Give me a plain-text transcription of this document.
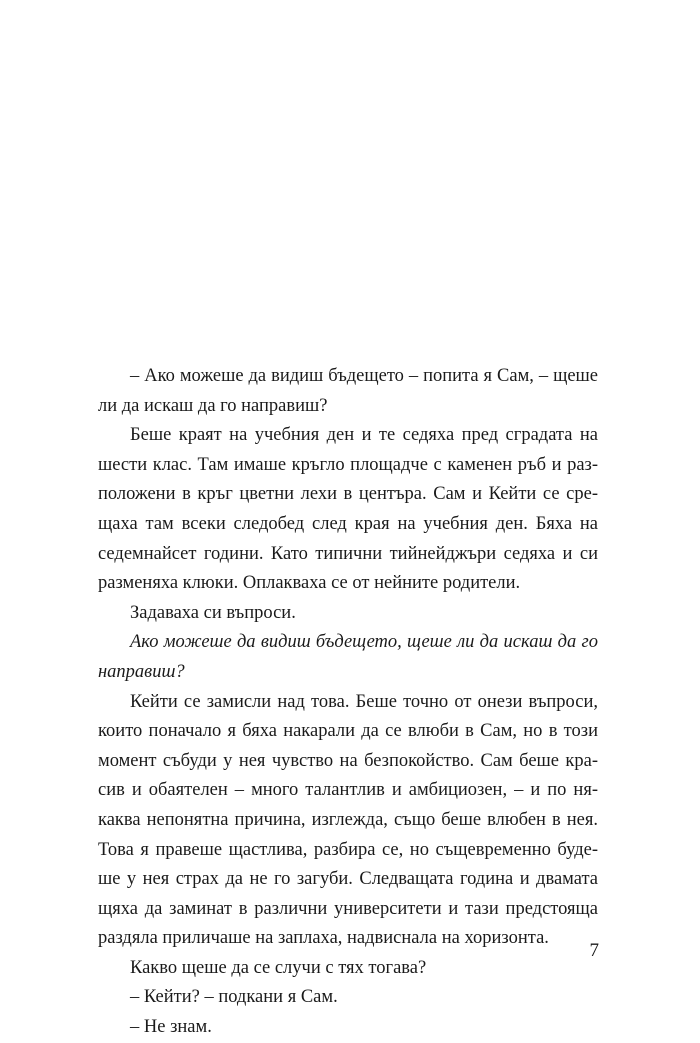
– Ако можеше да видиш бъдещето – попита я Сам, – щеше
ли да искаш да го направиш?
Беше краят на учебния ден и те седяха пред сградата на
шести клас. Там имаше кръгло площадче с каменен ръб и раз-
положени в кръг цветни лехи в центъра. Сам и Кейти се сре-
щаха там всеки следобед след края на учебния ден. Бяха на
седемнайсет години. Като типични тийнейджъри седяха и си
разменяха клюки. Оплакваха се от нейните родители.
Задаваха си въпроси.
Ако можеше да видиш бъдещето, щеше ли да искаш да го
направиш?
Кейти се замисли над това. Беше точно от онези въпроси,
които поначало я бяха накарали да се влюби в Сам, но в този
момент събуди у нея чувство на безпокойство. Сам беше кра-
сив и обаятелен – много талантлив и амбициозен, – и по ня-
каква непонятна причина, изглежда, също беше влюбен в нея.
Това я правеше щастлива, разбира се, но същевременно буде-
ше у нея страх да не го загуби. Следващата година и двамата
щяха да заминат в различни университети и тази предстояща
раздяла приличаше на заплаха, надвиснала на хоризонта.
Какво щеше да се случи с тях тогава?
– Кейти? – подкани я Сам.
– Не знам.
7
